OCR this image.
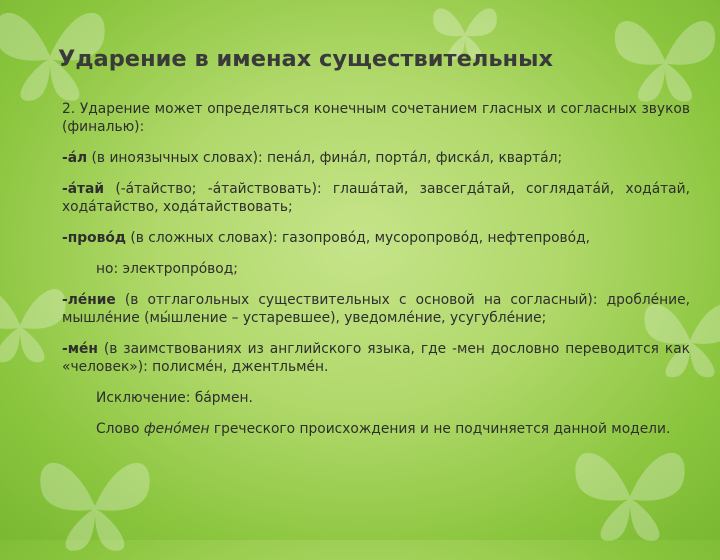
Ударение в именах существительных

2. Ударение может определяться конечным сочетанием гласных и согласных звуков (финалью):

-а́л (в иноязычных словах): пена́л, фина́л, порта́л, фиска́л, кварта́л;

-а́тай (-а́тайство; -а́тайствовать): глаша́тай, завсегда́тай, соглядатáй, хода́тай, хода́тайство, хода́тайствовать;

-прово́д (в сложных словах): газопрово́д, мусоропрово́д, нефтепрово́д,

но: электропро́вод;

-ле́ние (в отглагольных существительных с основой на согласный): дробле́ние, мышле́ние (мы́шление – устаревшее), уведомле́ние, усугубле́ние;

-ме́н (в заимствованиях из английского языка, где -мен дословно переводится как «человек»): полисме́н, джентльме́н.

Исключение: ба́рмен.

Слово фено́мен греческого происхождения и не подчиняется данной модели.
